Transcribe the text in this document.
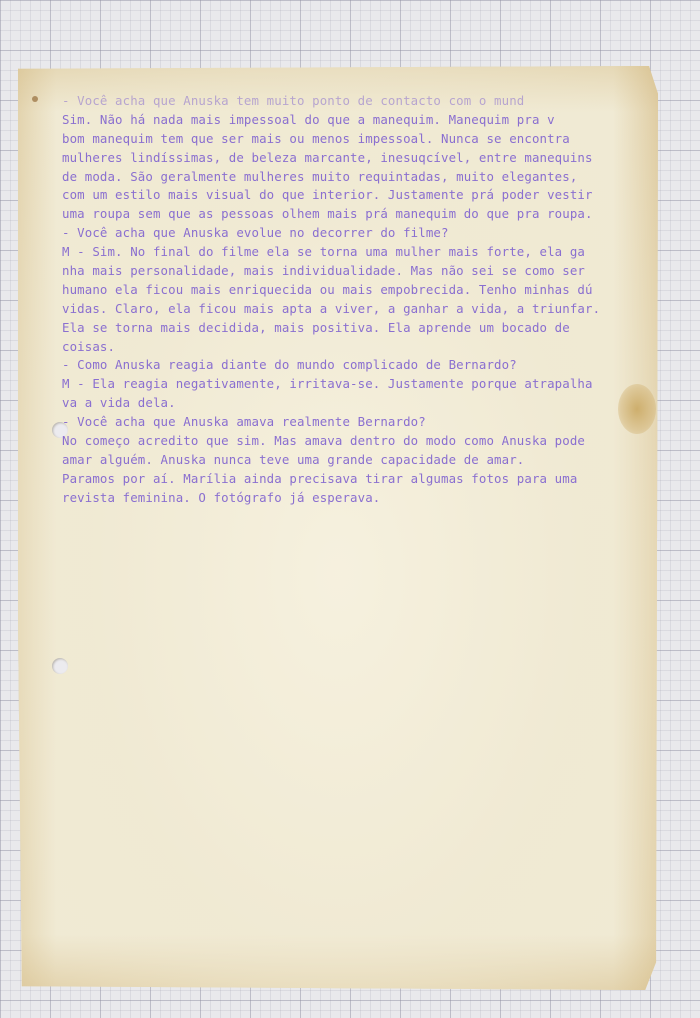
- Você acha que Anuska tem muito ponto de contacto com o mund
Sim. Não há nada mais impessoal do que a manequim. Manequim pra v
bom manequim tem que ser mais ou menos impessoal. Nunca se encontra
mulheres lindíssimas, de beleza marcante, inesuqcível, entre manequins
de moda. São geralmente mulheres muito requintadas, muito elegantes,
com um estilo mais visual do que interior. Justamente prá poder vestir
uma roupa sem que as pessoas olhem mais prá manequim do que pra roupa.
- Você acha que Anuska evolue no decorrer do filme?
M - Sim. No final do filme ela se torna uma mulher mais forte, ela ga
nha mais personalidade, mais individualidade. Mas não sei se como ser
humano ela ficou mais enriquecida ou mais empobrecida. Tenho minhas dú
vidas. Claro, ela ficou mais apta a viver, a ganhar a vida, a triunfar.
Ela se torna mais decidida, mais positiva. Ela aprende um bocado de
coisas.
- Como Anuska reagia diante do mundo complicado de Bernardo?
M - Ela reagia negativamente, irritava-se. Justamente porque atrapalha
va a vida dela.
- Você acha que Anuska amava realmente Bernardo?
No começo acredito que sim. Mas amava dentro do modo como Anuska pode
amar alguém. Anuska nunca teve uma grande capacidade de amar.
Paramos por aí. Marília ainda precisava tirar algumas fotos para uma
revista feminina. O fotógrafo já esperava.
